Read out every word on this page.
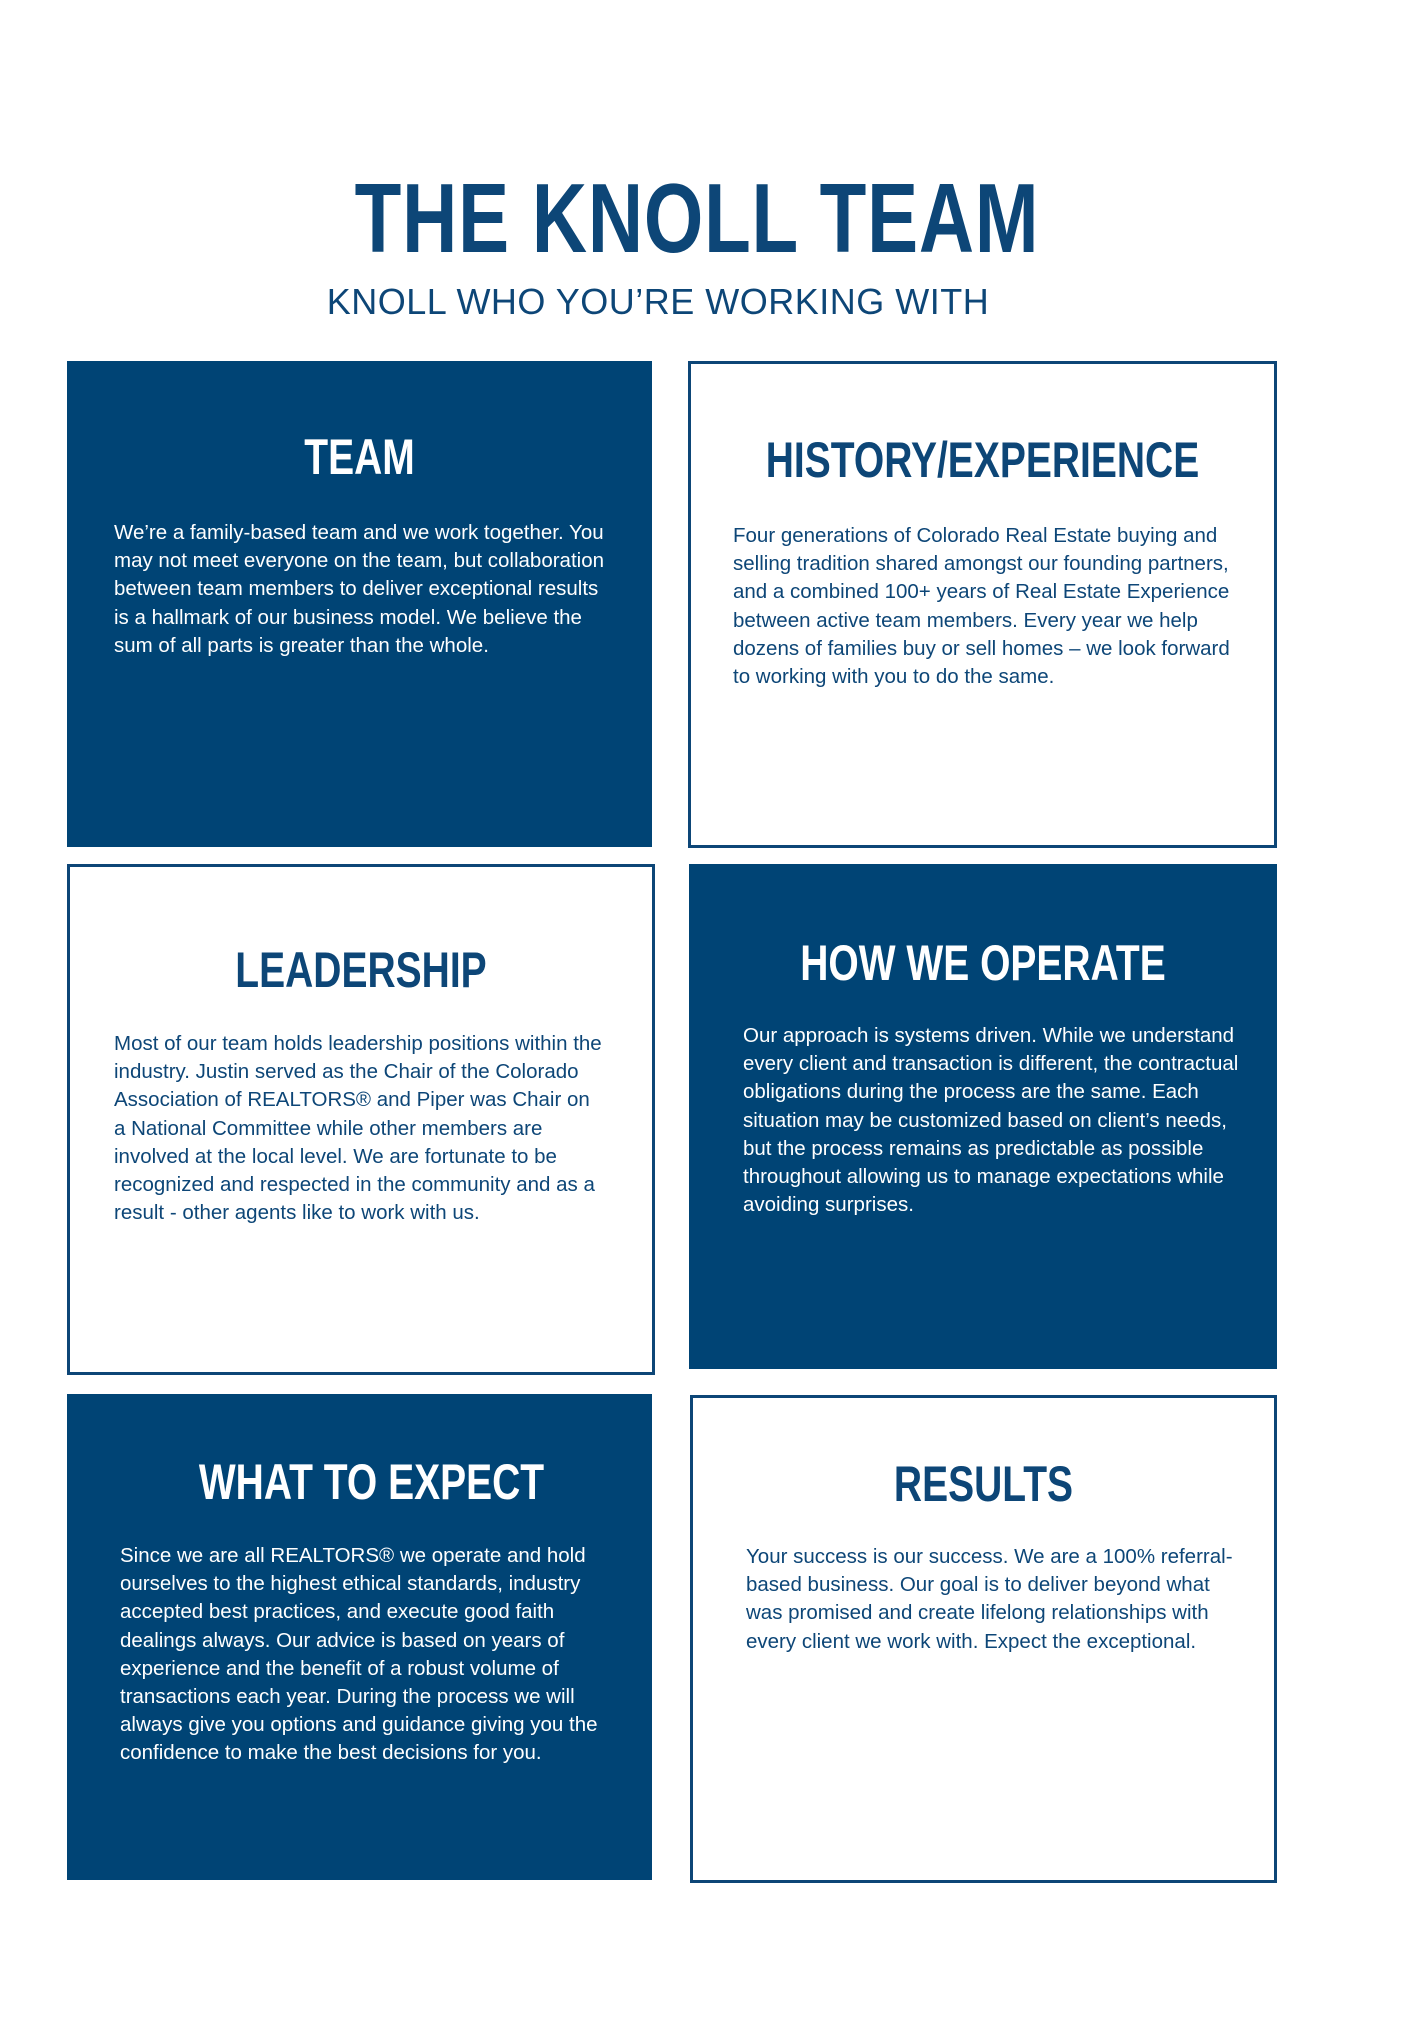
THE KNOLL TEAM
KNOLL WHO YOU’RE WORKING WITH
TEAM

We’re a family-based team and we work together. You may not meet everyone on the team, but collaboration between team members to deliver exceptional results is a hallmark of our business model. We believe the sum of all parts is greater than the whole.

HISTORY/EXPERIENCE

Four generations of Colorado Real Estate buying and selling tradition shared amongst our founding partners, and a combined 100+ years of Real Estate Experience between active team members. Every year we help dozens of families buy or sell homes – we look forward to working with you to do the same.

LEADERSHIP

Most of our team holds leadership positions within the industry. Justin served as the Chair of the Colorado Association of REALTORS® and Piper was Chair on a National Committee while other members are involved at the local level. We are fortunate to be recognized and respected in the community and as a result - other agents like to work with us.

HOW WE OPERATE

Our approach is systems driven. While we understand every client and transaction is different, the contractual obligations during the process are the same. Each situation may be customized based on client’s needs, but the process remains as predictable as possible throughout allowing us to manage expectations while avoiding surprises.

WHAT TO EXPECT

Since we are all REALTORS® we operate and hold ourselves to the highest ethical standards, industry accepted best practices, and execute good faith dealings always. Our advice is based on years of experience and the benefit of a robust volume of transactions each year. During the process we will always give you options and guidance giving you the confidence to make the best decisions for you.

RESULTS

Your success is our success. We are a 100% referral-based business. Our goal is to deliver beyond what was promised and create lifelong relationships with every client we work with. Expect the exceptional.
